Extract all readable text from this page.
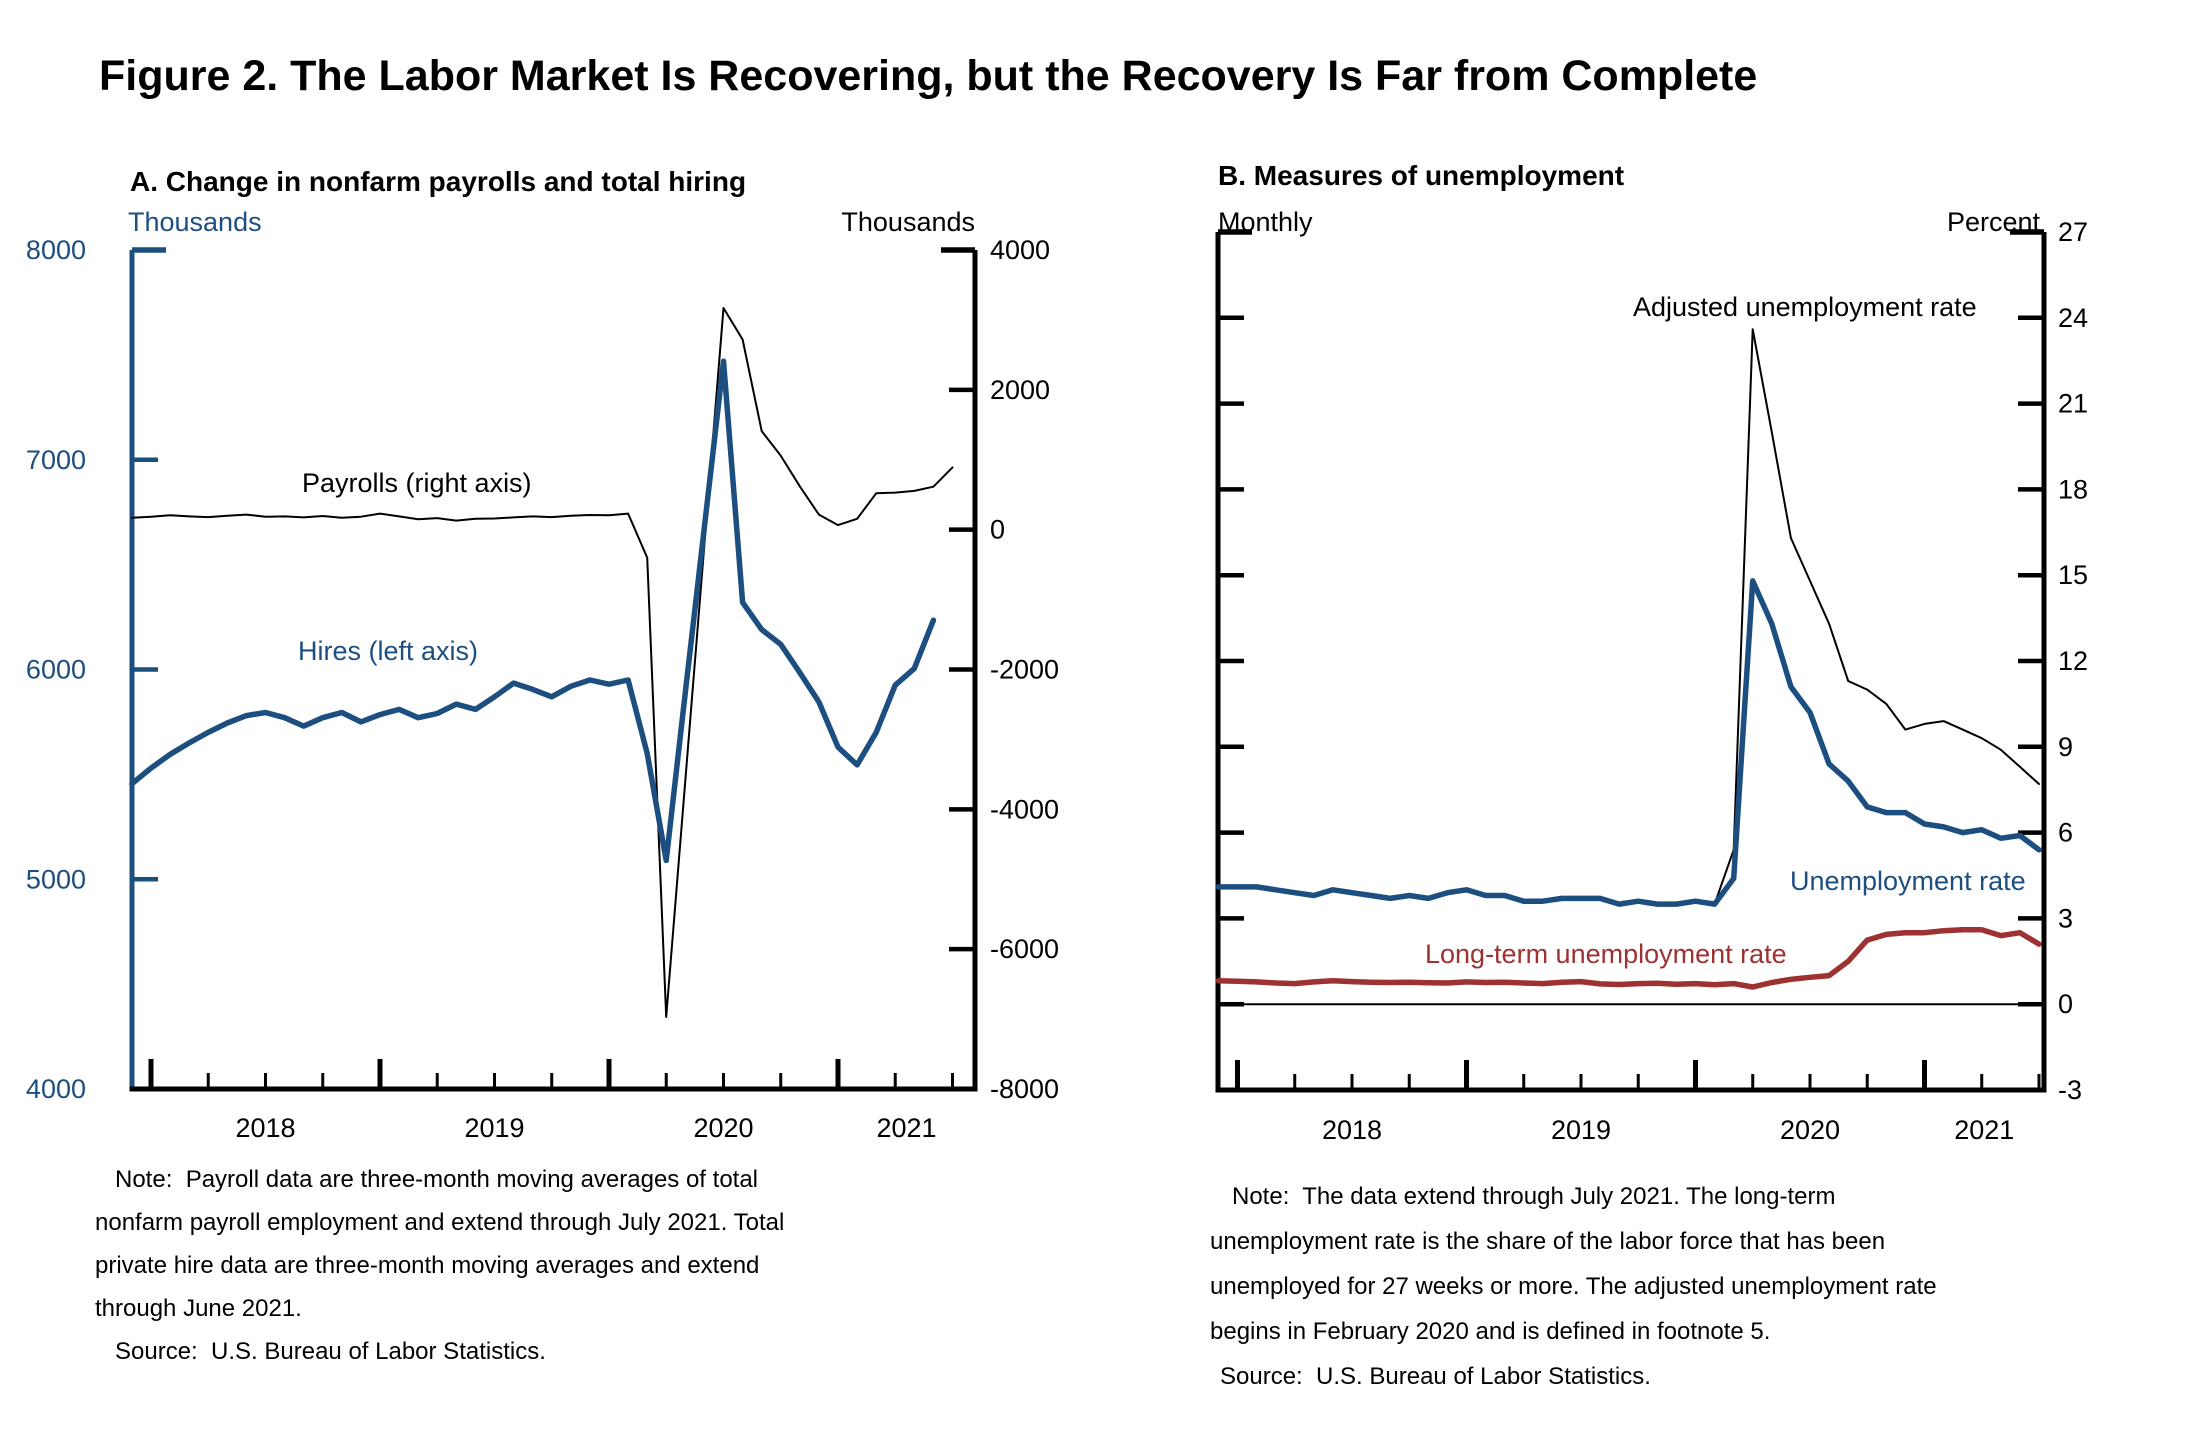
Figure 2. The Labor Market Is Recovering, but the Recovery Is Far from Complete
A. Change in nonfarm payrolls and total hiring
Thousands	Thousands
8000
7000
6000
5000
4000
4000
2000
0
-2000
-4000
-6000
-8000
2018	2019	2020	2021
Payrolls (right axis)
Hires (left axis)
Note:  Payroll data are three-month moving averages of total
nonfarm payroll employment and extend through July 2021. Total
private hire data are three-month moving averages and extend
through June 2021.
Source:  U.S. Bureau of Labor Statistics.
B. Measures of unemployment
Monthly	Percent 27
24
21
18
15
12
9
6
3
0
-3
2018	2019	2020	2021
Adjusted unemployment rate
Unemployment rate
Long-term unemployment rate
Note:  The data extend through July 2021. The long-term
unemployment rate is the share of the labor force that has been
unemployed for 27 weeks or more. The adjusted unemployment rate
begins in February 2020 and is defined in footnote 5.
Source:  U.S. Bureau of Labor Statistics.
